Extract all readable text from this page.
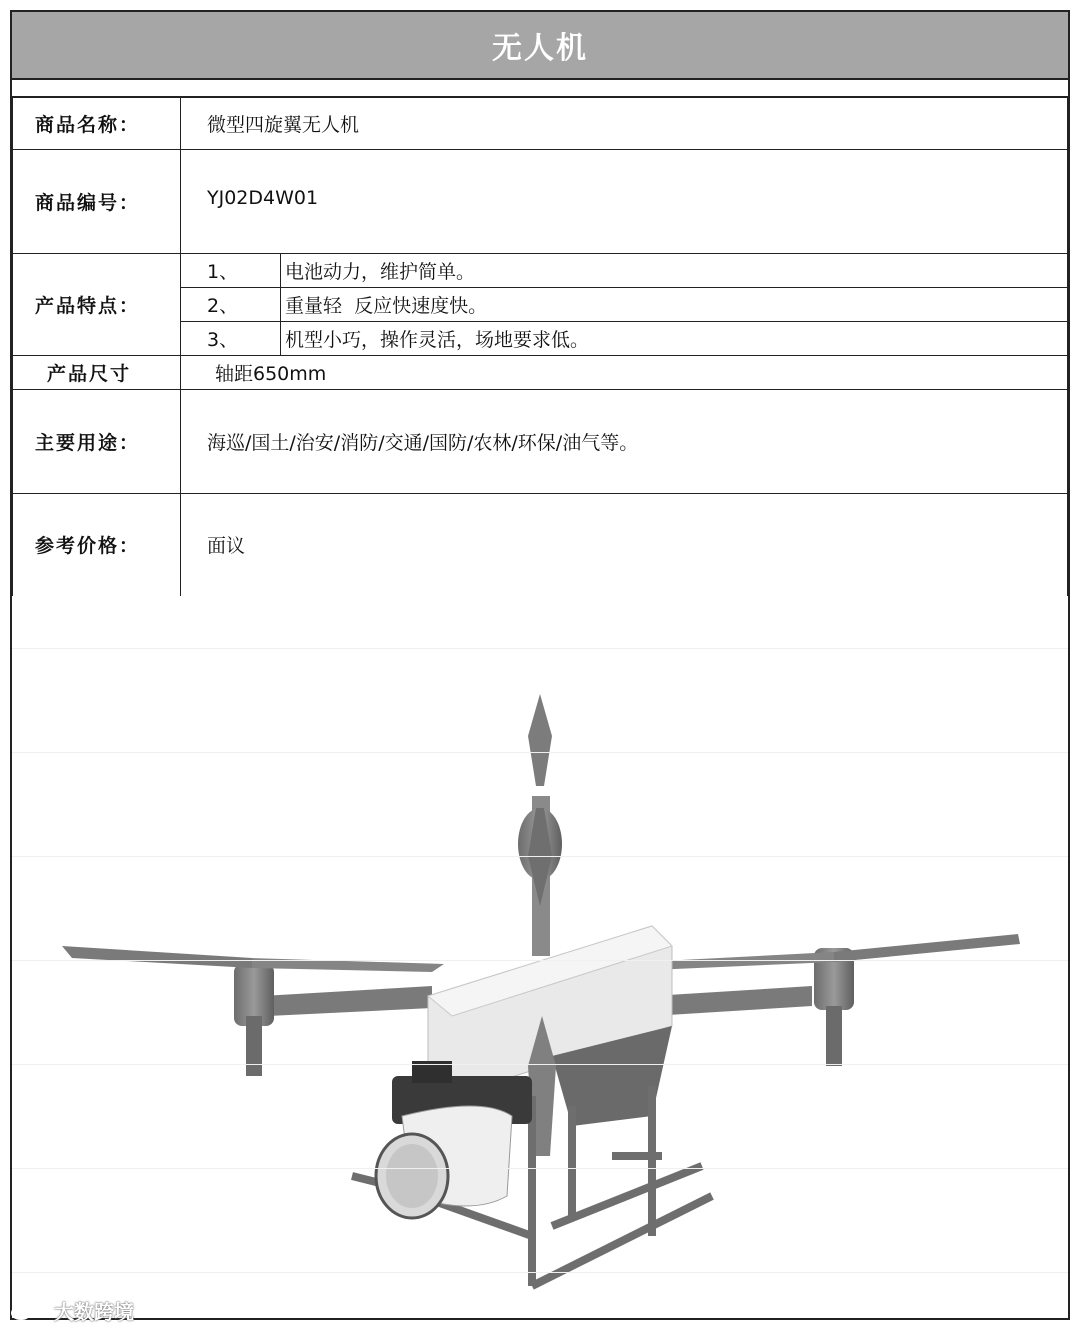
无人机
商品名称：	微型四旋翼无人机	
商品编号：	YJ02D4W01	
产品特点：	1、	电池动力，维护简单。
	2、	重量轻  反应快速度快。
	3、	机型小巧，操作灵活，场地要求低。
产品尺寸	轴距650mm	
主要用途：	海巡/国土/治安/消防/交通/国防/农林/环保/油气等。	
参考价格：	面议	
大数跨境
